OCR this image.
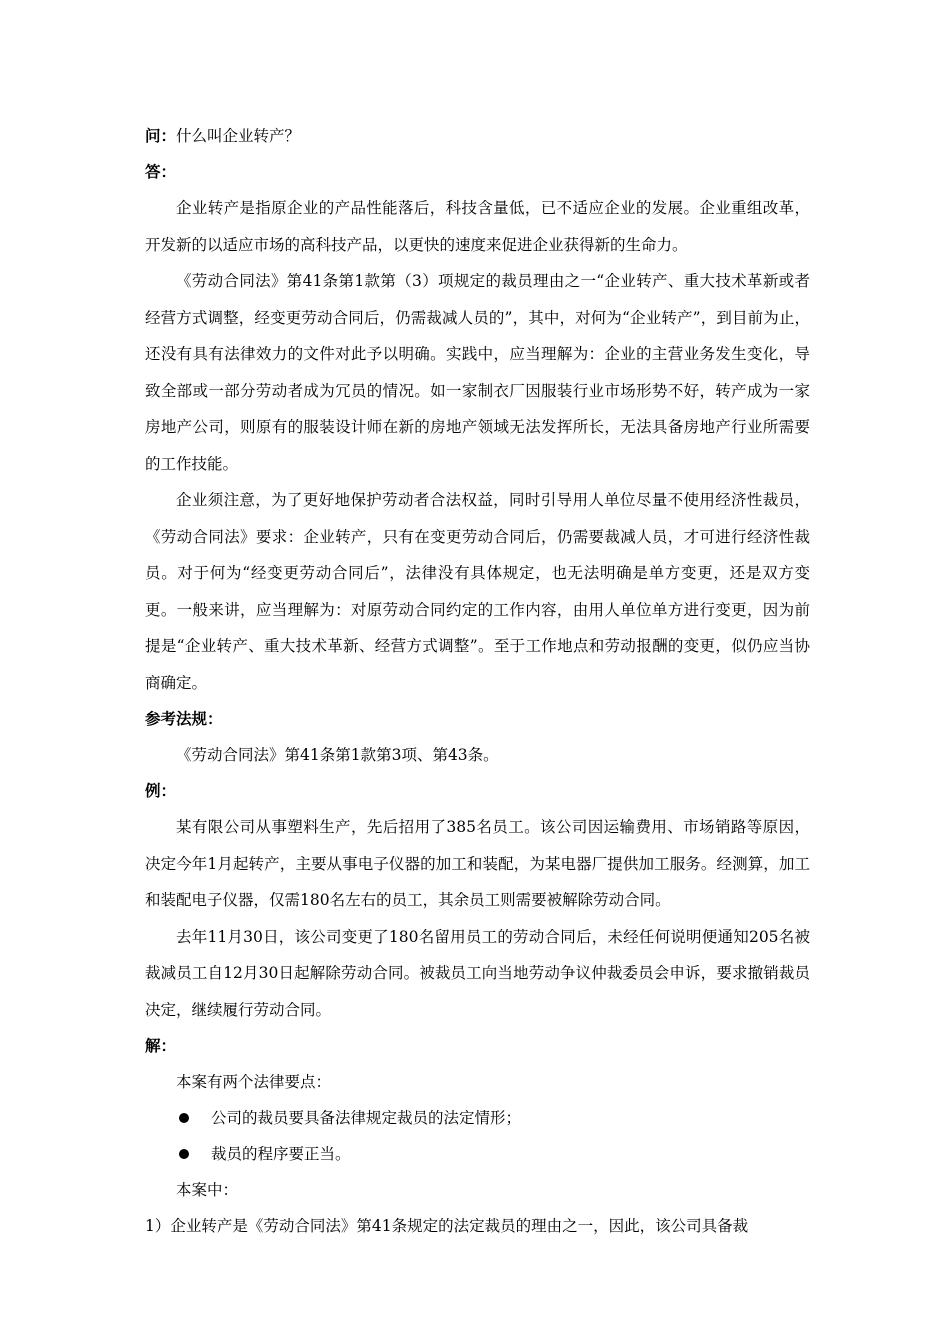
问：什么叫企业转产？
答：

企业转产是指原企业的产品性能落后，科技含量低，已不适应企业的发展。企业重组改革，开发新的以适应市场的高科技产品，以更快的速度来促进企业获得新的生命力。

《劳动合同法》第41条第1款第（3）项规定的裁员理由之一“企业转产、重大技术革新或者经营方式调整，经变更劳动合同后，仍需裁减人员的”，其中，对何为“企业转产”，到目前为止，还没有具有法律效力的文件对此予以明确。实践中，应当理解为：企业的主营业务发生变化，导致全部或一部分劳动者成为冗员的情况。如一家制衣厂因服装行业市场形势不好，转产成为一家房地产公司，则原有的服装设计师在新的房地产领域无法发挥所长，无法具备房地产行业所需要的工作技能。

企业须注意，为了更好地保护劳动者合法权益，同时引导用人单位尽量不使用经济性裁员，《劳动合同法》要求：企业转产，只有在变更劳动合同后，仍需要裁减人员，才可进行经济性裁员。对于何为“经变更劳动合同后”，法律没有具体规定，也无法明确是单方变更，还是双方变更。一般来讲，应当理解为：对原劳动合同约定的工作内容，由用人单位单方进行变更，因为前提是“企业转产、重大技术革新、经营方式调整”。至于工作地点和劳动报酬的变更，似仍应当协商确定。

参考法规：
《劳动合同法》第41条第1款第3项、第43条。
例：

某有限公司从事塑料生产，先后招用了385名员工。该公司因运输费用、市场销路等原因，决定今年1月起转产，主要从事电子仪器的加工和装配，为某电器厂提供加工服务。经测算，加工和装配电子仪器，仅需180名左右的员工，其余员工则需要被解除劳动合同。

去年11月30日，该公司变更了180名留用员工的劳动合同后，未经任何说明便通知205名被裁减员工自12月30日起解除劳动合同。被裁员工向当地劳动争议仲裁委员会申诉，要求撤销裁员决定，继续履行劳动合同。

解：
本案有两个法律要点：
公司的裁员要具备法律规定裁员的法定情形；
裁员的程序要正当。
本案中：
1）企业转产是《劳动合同法》第41条规定的法定裁员的理由之一，因此，该公司具备裁
